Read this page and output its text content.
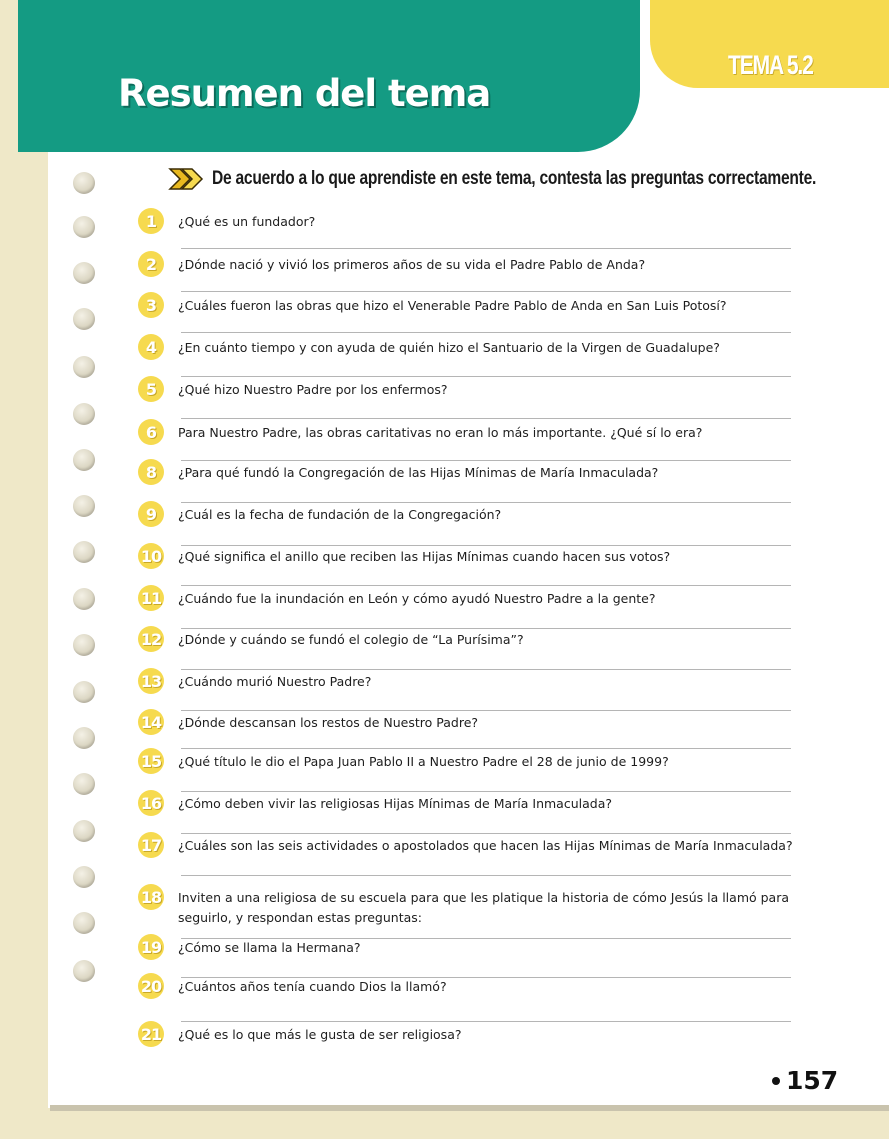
Resumen del tema
TEMA 5.2
De acuerdo a lo que aprendiste en este tema, contesta las preguntas correctamente.
1	¿Qué es un fundador?
2	¿Dónde nació y vivió los primeros años de su vida el Padre Pablo de Anda?
3	¿Cuáles fueron las obras que hizo el Venerable Padre Pablo de Anda en San Luis Potosí?
4	¿En cuánto tiempo y con ayuda de quién hizo el Santuario de la Virgen de Guadalupe?
5	¿Qué hizo Nuestro Padre por los enfermos?
6	Para Nuestro Padre, las obras caritativas no eran lo más importante. ¿Qué sí lo era?
8	¿Para qué fundó la Congregación de las Hijas Mínimas de María Inmaculada?
9	¿Cuál es la fecha de fundación de la Congregación?
10 ¿Qué significa el anillo que reciben las Hijas Mínimas cuando hacen sus votos?
11 ¿Cuándo fue la inundación en León y cómo ayudó Nuestro Padre a la gente?
12 ¿Dónde y cuándo se fundó el colegio de “La Purísima”?
13 ¿Cuándo murió Nuestro Padre?
14 ¿Dónde descansan los restos de Nuestro Padre?
15 ¿Qué título le dio el Papa Juan Pablo II a Nuestro Padre el 28 de junio de 1999?
16 ¿Cómo deben vivir las religiosas Hijas Mínimas de María Inmaculada?
17 ¿Cuáles son las seis actividades o apostolados que hacen las Hijas Mínimas de María Inmaculada?
18 Inviten a una religiosa de su escuela para que les platique la historia de cómo Jesús la llamó para seguirlo, y respondan estas preguntas:
19 ¿Cómo se llama la Hermana?
20 ¿Cuántos años tenía cuando Dios la llamó?
21 ¿Qué es lo que más le gusta de ser religiosa?
157
